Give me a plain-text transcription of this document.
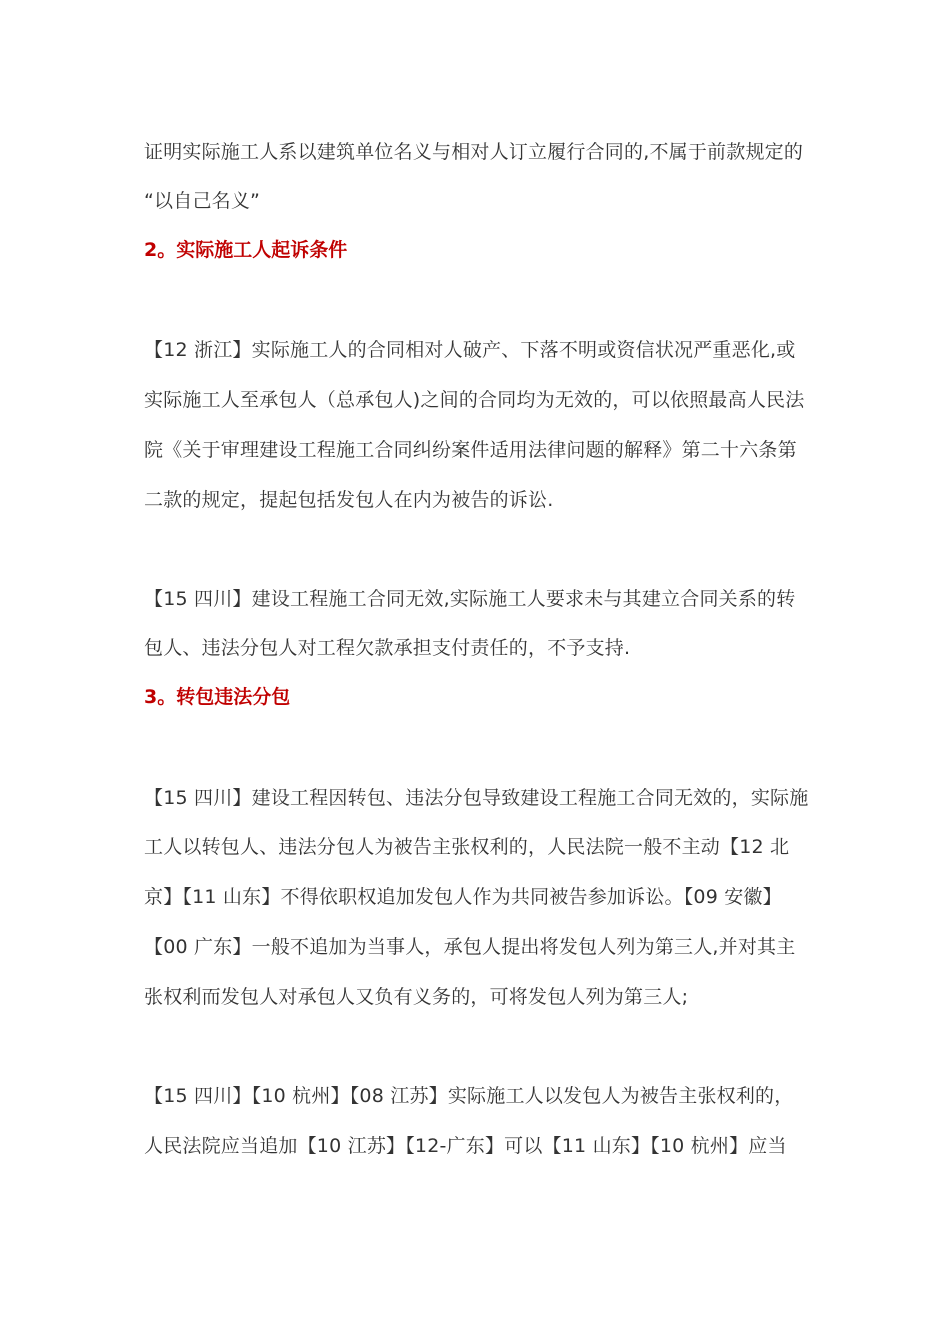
证明实际施工人系以建筑单位名义与相对人订立履行合同的,不属于前款规定的
“以自己名义”
2。实际施工人起诉条件
【12 浙江】实际施工人的合同相对人破产、下落不明或资信状况严重恶化,或
实际施工人至承包人（总承包人)之间的合同均为无效的，可以依照最高人民法
院《关于审理建设工程施工合同纠纷案件适用法律问题的解释》第二十六条第
二款的规定，提起包括发包人在内为被告的诉讼.
【15 四川】建设工程施工合同无效,实际施工人要求未与其建立合同关系的转
包人、违法分包人对工程欠款承担支付责任的，不予支持.
3。转包违法分包
【15 四川】建设工程因转包、违法分包导致建设工程施工合同无效的，实际施
工人以转包人、违法分包人为被告主张权利的，人民法院一般不主动【12 北
京】【11 山东】不得依职权追加发包人作为共同被告参加诉讼。【09 安徽】
【00 广东】一般不追加为当事人，承包人提出将发包人列为第三人,并对其主
张权利而发包人对承包人又负有义务的，可将发包人列为第三人;
【15 四川】【10 杭州】【08 江苏】实际施工人以发包人为被告主张权利的，
人民法院应当追加【10 江苏】【12-广东】可以【11 山东】【10 杭州】应当
